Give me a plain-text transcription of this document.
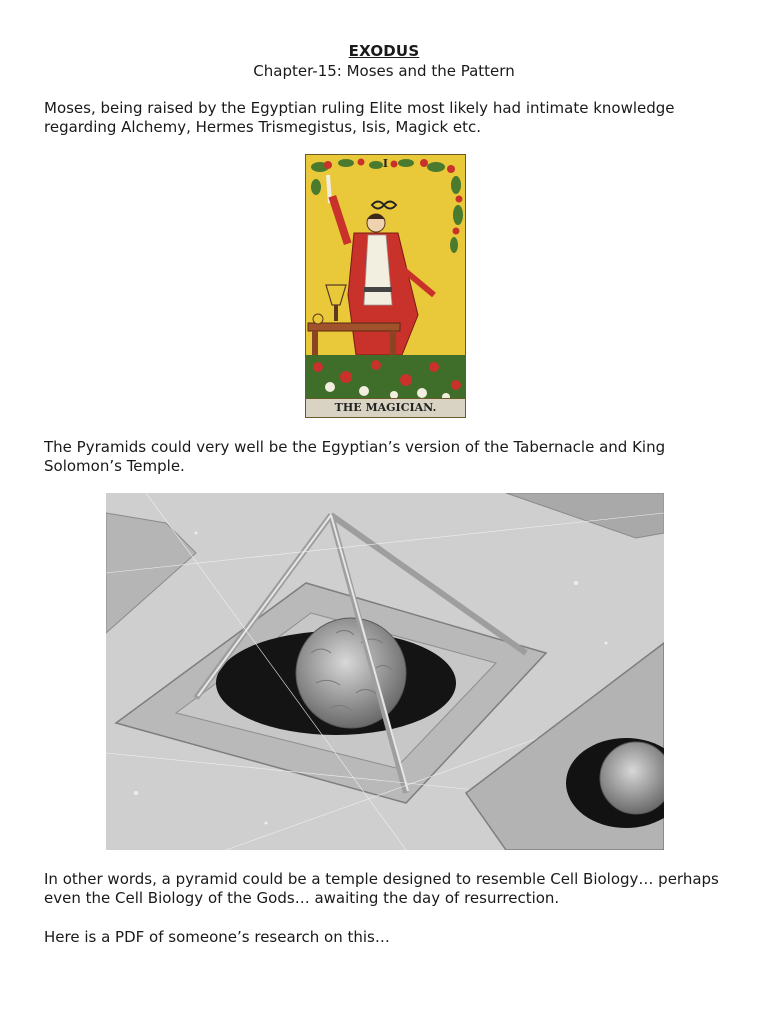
EXODUS
Chapter-15: Moses and the Pattern
Moses, being raised by the Egyptian ruling Elite most likely had intimate knowledge regarding Alchemy, Hermes Trismegistus, Isis, Magick etc.
I
THE MAGICIAN.
The Pyramids could very well be the Egyptian’s version of the Tabernacle and King Solomon’s Temple.
In other words, a pyramid could be a temple designed to resemble Cell Biology… perhaps even the Cell Biology of the Gods… awaiting the day of resurrection.
Here is a PDF of someone’s research on this…
